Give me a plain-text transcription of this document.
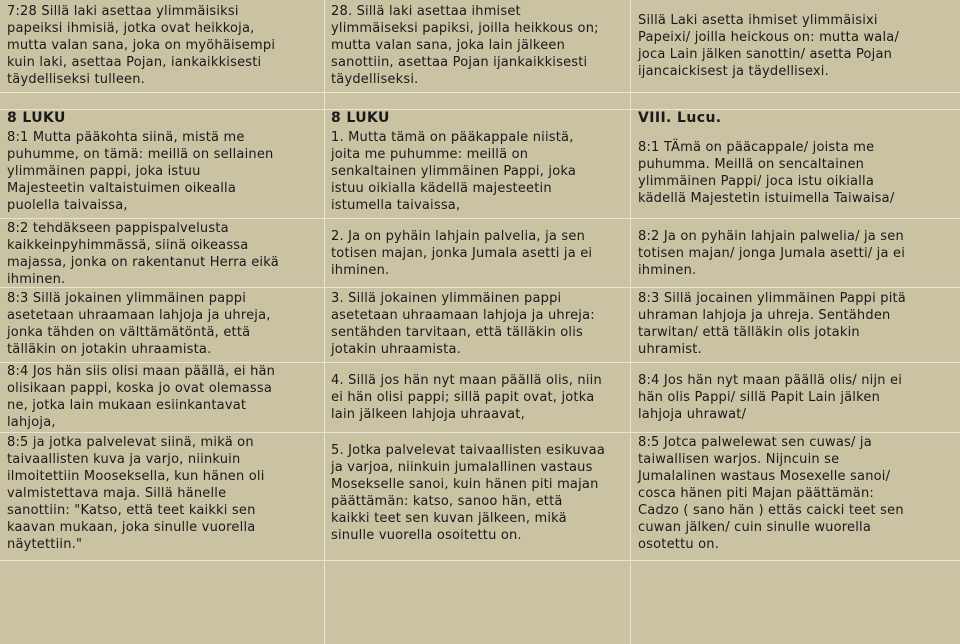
7:28 Sillä laki asettaa ylimmäisiksi
papeiksi ihmisiä, jotka ovat heikkoja,
mutta valan sana, joka on myöhäisempi
kuin laki, asettaa Pojan, iankaikkisesti
täydelliseksi tulleen.

28. Sillä laki asettaa ihmiset
ylimmäiseksi papiksi, joilla heikkous on;
mutta valan sana, joka lain jälkeen
sanottiin, asettaa Pojan ijankaikkisesti
täydelliseksi.

Sillä Laki asetta ihmiset ylimmäisixi
Papeixi/ joilla heickous on: mutta wala/
joca Lain jälken sanottin/ asetta Pojan
ijancaickisest ja täydellisexi.

8 LUKU	8 LUKU	VIII. Lucu.

8:1 Mutta pääkohta siinä, mistä me
puhumme, on tämä: meillä on sellainen
ylimmäinen pappi, joka istuu
Majesteetin valtaistuimen oikealla
puolella taivaissa,

1. Mutta tämä on pääkappale niistä,
joita me puhumme: meillä on
senkaltainen ylimmäinen Pappi, joka
istuu oikialla kädellä majesteetin
istumella taivaissa,

8:1 TÄmä on pääcappale/ joista me
puhumma. Meillä on sencaltainen
ylimmäinen Pappi/ joca istu oikialla
kädellä Majestetin istuimella Taiwaisa/

8:2 tehdäkseen pappispalvelusta
kaikkeinpyhimmässä, siinä oikeassa
majassa, jonka on rakentanut Herra eikä
ihminen.

2. Ja on pyhäin lahjain palvelia, ja sen
totisen majan, jonka Jumala asetti ja ei
ihminen.

8:2 Ja on pyhäin lahjain palwelia/ ja sen
totisen majan/ jonga Jumala asetti/ ja ei
ihminen.

8:3 Sillä jokainen ylimmäinen pappi
asetetaan uhraamaan lahjoja ja uhreja,
jonka tähden on välttämätöntä, että
tälläkin on jotakin uhraamista.

3. Sillä jokainen ylimmäinen pappi
asetetaan uhraamaan lahjoja ja uhreja:
sentähden tarvitaan, että tälläkin olis
jotakin uhraamista.

8:3 Sillä jocainen ylimmäinen Pappi pitä
uhraman lahjoja ja uhreja. Sentähden
tarwitan/ että tälläkin olis jotakin
uhramist.

8:4 Jos hän siis olisi maan päällä, ei hän
olisikaan pappi, koska jo ovat olemassa
ne, jotka lain mukaan esiinkantavat
lahjoja,

4. Sillä jos hän nyt maan päällä olis, niin
ei hän olisi pappi; sillä papit ovat, jotka
lain jälkeen lahjoja uhraavat,

8:4 Jos hän nyt maan päällä olis/ nijn ei
hän olis Pappi/ sillä Papit Lain jälken
lahjoja uhrawat/

8:5 ja jotka palvelevat siinä, mikä on
taivaallisten kuva ja varjo, niinkuin
ilmoitettiin Mooseksella, kun hänen oli
valmistettava maja. Sillä hänelle
sanottiin: "Katso, että teet kaikki sen
kaavan mukaan, joka sinulle vuorella
näytettiin."

5. Jotka palvelevat taivaallisten esikuvaa
ja varjoa, niinkuin jumalallinen vastaus
Mosekselle sanoi, kuin hänen piti majan
päättämän: katso, sanoo hän, että
kaikki teet sen kuvan jälkeen, mikä
sinulle vuorella osoitettu on.

8:5 Jotca palwelewat sen cuwas/ ja
taiwallisen warjos. Nijncuin se
Jumalalinen wastaus Mosexelle sanoi/
cosca hänen piti Majan päättämän:
Cadzo ( sano hän ) ettäs caicki teet sen
cuwan jälken/ cuin sinulle wuorella
osotettu on.
